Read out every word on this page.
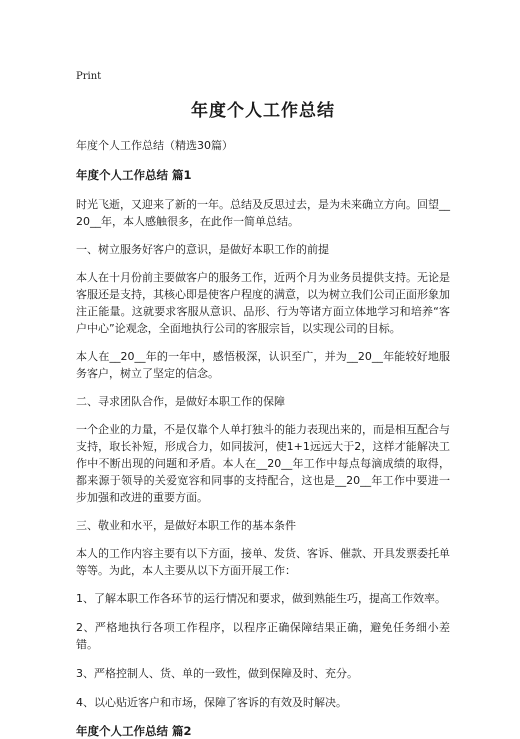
Print
年度个人工作总结
年度个人工作总结（精选30篇）
年度个人工作总结 篇1

时光飞逝，又迎来了新的一年。总结及反思过去，是为未来确立方向。回望__20__年，本人感触很多，在此作一简单总结。

一、树立服务好客户的意识，是做好本职工作的前提

本人在十月份前主要做客户的服务工作，近两个月为业务员提供支持。无论是客服还是支持，其核心即是使客户程度的满意，以为树立我们公司正面形象加注正能量。这就要求客服从意识、品形、行为等诸方面立体地学习和培养“客户中心”论观念，全面地执行公司的客服宗旨，以实现公司的目标。

本人在__20__年的一年中，感悟极深，认识至广，并为__20__年能较好地服务客户，树立了坚定的信念。

二、寻求团队合作，是做好本职工作的保障

一个企业的力量，不是仅靠个人单打独斗的能力表现出来的，而是相互配合与支持，取长补短，形成合力，如同拔河，使1+1远远大于2，这样才能解决工作中不断出现的问题和矛盾。本人在__20__年工作中每点每滴成绩的取得，都来源于领导的关爱宽容和同事的支持配合，这也是__20__年工作中要进一步加强和改进的重要方面。

三、敬业和水平，是做好本职工作的基本条件

本人的工作内容主要有以下方面，接单、发货、客诉、催款、开具发票委托单等等。为此，本人主要从以下方面开展工作：

1、了解本职工作各环节的运行情况和要求，做到熟能生巧，提高工作效率。

2、严格地执行各项工作程序，以程序正确保障结果正确，避免任务细小差错。

3、严格控制人、货、单的一致性，做到保障及时、充分。

4、以心贴近客户和市场，保障了客诉的有效及时解决。

年度个人工作总结 篇2
